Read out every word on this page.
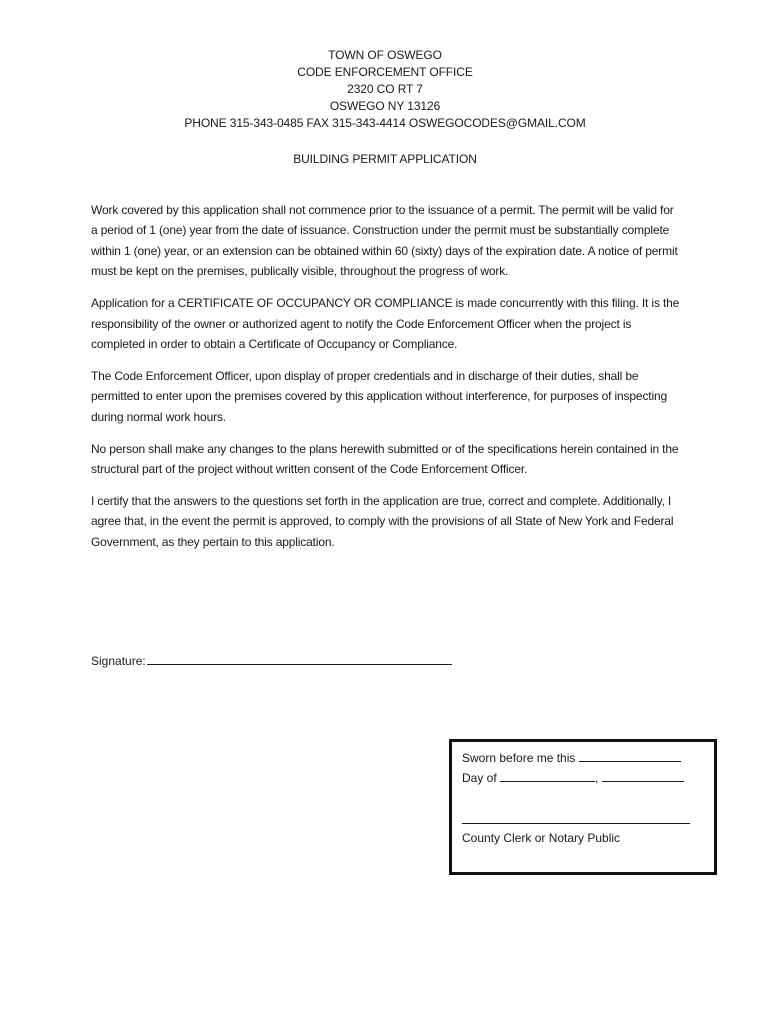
TOWN OF OSWEGO
CODE ENFORCEMENT OFFICE
2320 CO RT 7
OSWEGO NY 13126
PHONE 315-343-0485 FAX 315-343-4414 OSWEGOCODES@GMAIL.COM
BUILDING PERMIT APPLICATION

Work covered by this application shall not commence prior to the issuance of a permit. The permit will be valid for a period of 1 (one) year from the date of issuance. Construction under the permit must be substantially complete within 1 (one) year, or an extension can be obtained within 60 (sixty) days of the expiration date. A notice of permit must be kept on the premises, publically visible, throughout the progress of work.

Application for a CERTIFICATE OF OCCUPANCY OR COMPLIANCE is made concurrently with this filing. It is the responsibility of the owner or authorized agent to notify the Code Enforcement Officer when the project is completed in order to obtain a Certificate of Occupancy or Compliance.

The Code Enforcement Officer, upon display of proper credentials and in discharge of their duties, shall be permitted to enter upon the premises covered by this application without interference, for purposes of inspecting during normal work hours.

No person shall make any changes to the plans herewith submitted or of the specifications herein contained in the structural part of the project without written consent of the Code Enforcement Officer.

I certify that the answers to the questions set forth in the application are true, correct and complete. Additionally, I agree that, in the event the permit is approved, to comply with the provisions of all State of New York and Federal Government, as they pertain to this application.

Signature:
Sworn before me this
Day of	,
County Clerk or Notary Public
